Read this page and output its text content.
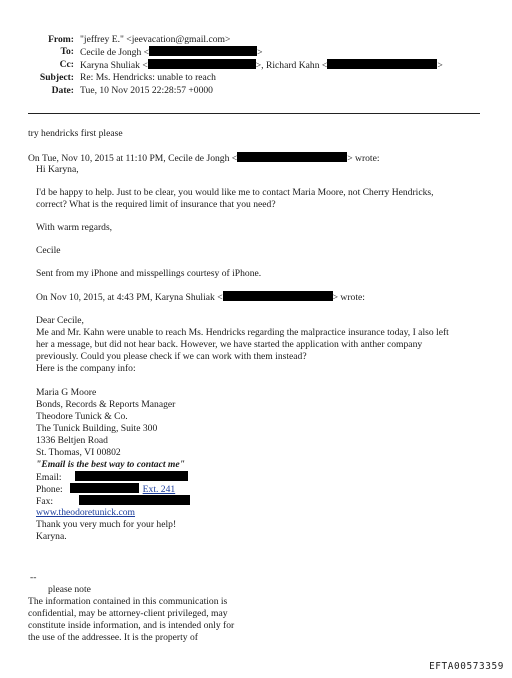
From: "jeffrey E." <jeevacation@gmail.com>
To: Cecile de Jongh <	>
Cc: Karyna Shuliak <	>, Richard Kahn <	>
Subject: Re: Ms. Hendricks: unable to reach
Date: Tue, 10 Nov 2015 22:28:57 +0000
try hendricks first please
On Tue, Nov 10, 2015 at 11:10 PM, Cecile de Jongh <	> wrote:
Hi Karyna,
I'd be happy to help. Just to be clear, you would like me to contact Maria Moore, not Cherry Hendricks,
correct? What is the required limit of insurance that you need?
With warm regards,
Cecile
Sent from my iPhone and misspellings courtesy of iPhone.
On Nov 10, 2015, at 4:43 PM, Karyna Shuliak <	> wrote:
Dear Cecile,
Me and Mr. Kahn were unable to reach Ms. Hendricks regarding the malpractice insurance today, I also left
her a message, but did not hear back. However, we have started the application with anther company
previously. Could you please check if we can work with them instead?
Here is the company info:
Maria G Moore
Bonds, Records & Reports Manager
Theodore Tunick & Co.
The Tunick Building, Suite 300
1336 Beltjen Road
St. Thomas, VI 00802
"Email is the best way to contact me"
Email:
Phone:	Ext. 241
Fax:
www.theodoretunick.com
Thank you very much for your help!
Karyna.
--
please note
The information contained in this communication is
confidential, may be attorney-client privileged, may
constitute inside information, and is intended only for
the use of the addressee. It is the property of
EFTA00573359
